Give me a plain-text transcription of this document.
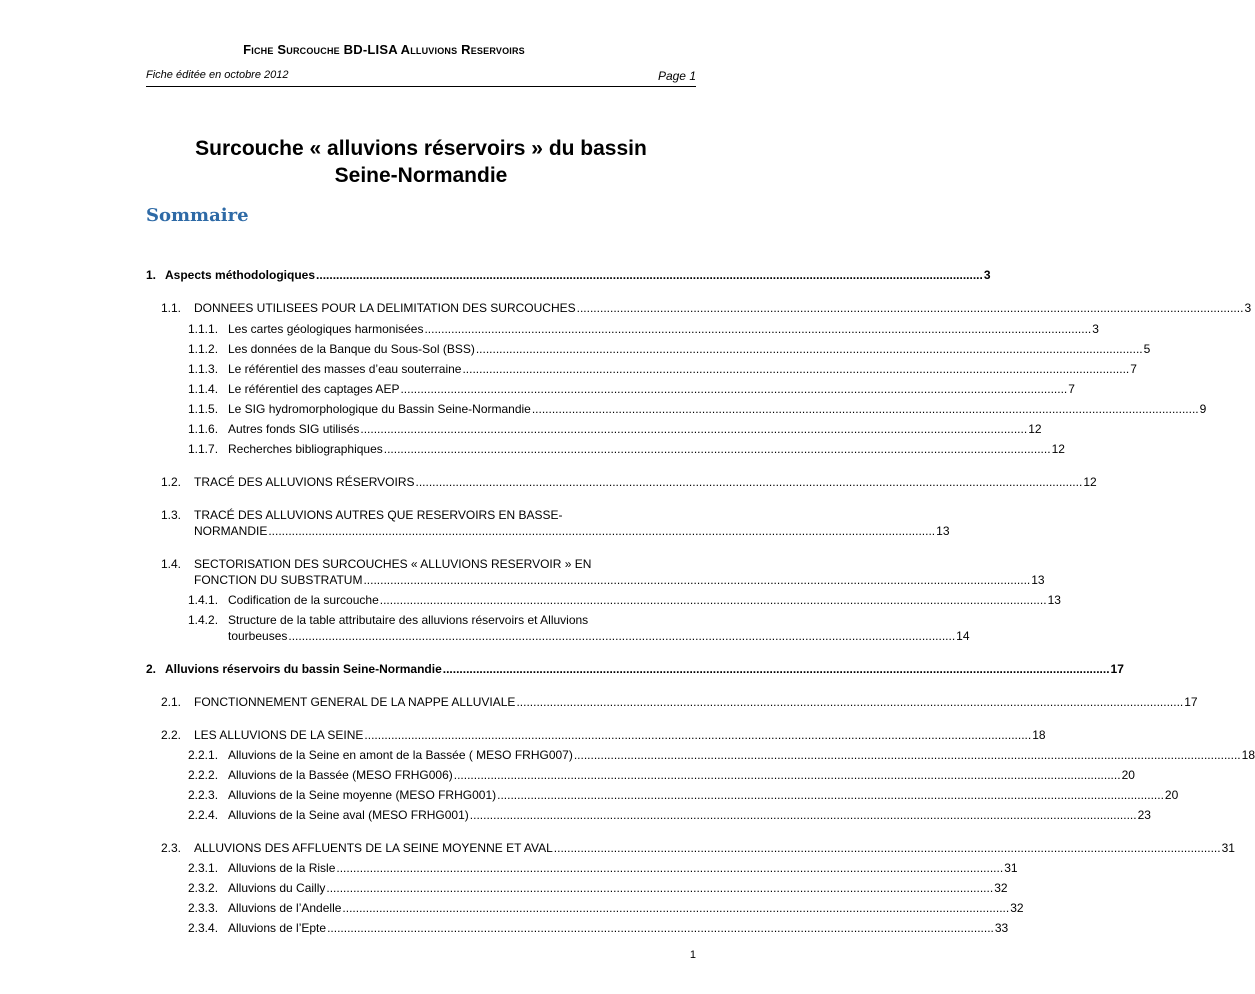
Fiche Surcouche BD-LISA Alluvions Reservoirs
Fiche éditée en octobre 2012	Page 1
Surcouche « alluvions réservoirs » du bassin
Seine-Normandie
Sommaire
1. Aspects méthodologiques ........................................................................................................................................................................................................ 3
1.1.	DONNEES UTILISEES POUR LA DELIMITATION DES SURCOUCHES ........................................................................................................................................................................................................ 3
1.1.1. Les cartes géologiques harmonisées ........................................................................................................................................................................................................ 3
1.1.2. Les données de la Banque du Sous-Sol (BSS) ........................................................................................................................................................................................................ 5
1.1.3. Le référentiel des masses d’eau souterraine ........................................................................................................................................................................................................ 7
1.1.4. Le référentiel des captages AEP ........................................................................................................................................................................................................ 7
1.1.5. Le SIG hydromorphologique du Bassin Seine-Normandie ........................................................................................................................................................................................................ 9
1.1.6. Autres fonds SIG utilisés ........................................................................................................................................................................................................ 12
1.1.7. Recherches bibliographiques ........................................................................................................................................................................................................ 12
1.2.	TRACÉ DES ALLUVIONS RÉSERVOIRS ........................................................................................................................................................................................................ 12
1.3. TRACÉ DES ALLUVIONS AUTRES QUE RESERVOIRS EN BASSE-
NORMANDIE ........................................................................................................................................................................................................ 13
1.4. SECTORISATION DES SURCOUCHES « ALLUVIONS RESERVOIR » EN
FONCTION DU SUBSTRATUM ........................................................................................................................................................................................................ 13
1.4.1. Codification de la surcouche ........................................................................................................................................................................................................ 13
1.4.2. Structure de la table attributaire des alluvions réservoirs et Alluvions
tourbeuses ........................................................................................................................................................................................................ 14
2. Alluvions réservoirs du bassin Seine-Normandie ........................................................................................................................................................................................................ 17
2.1.	FONCTIONNEMENT GENERAL DE LA NAPPE ALLUVIALE ........................................................................................................................................................................................................ 17
2.2.	LES ALLUVIONS DE LA SEINE ........................................................................................................................................................................................................ 18
2.2.1. Alluvions de la Seine en amont de la Bassée ( MESO FRHG007) ........................................................................................................................................................................................................ 18
2.2.2. Alluvions de la Bassée (MESO FRHG006) ........................................................................................................................................................................................................ 20
2.2.3. Alluvions de la Seine moyenne (MESO FRHG001) ........................................................................................................................................................................................................ 20
2.2.4. Alluvions de la Seine aval (MESO FRHG001) ........................................................................................................................................................................................................ 23
2.3.	ALLUVIONS DES AFFLUENTS DE LA SEINE MOYENNE ET AVAL ........................................................................................................................................................................................................ 31
2.3.1. Alluvions de la Risle ........................................................................................................................................................................................................ 31
2.3.2. Alluvions du Cailly ........................................................................................................................................................................................................ 32
2.3.3. Alluvions de l’Andelle ........................................................................................................................................................................................................ 32
2.3.4. Alluvions de l’Epte ........................................................................................................................................................................................................ 33
1
